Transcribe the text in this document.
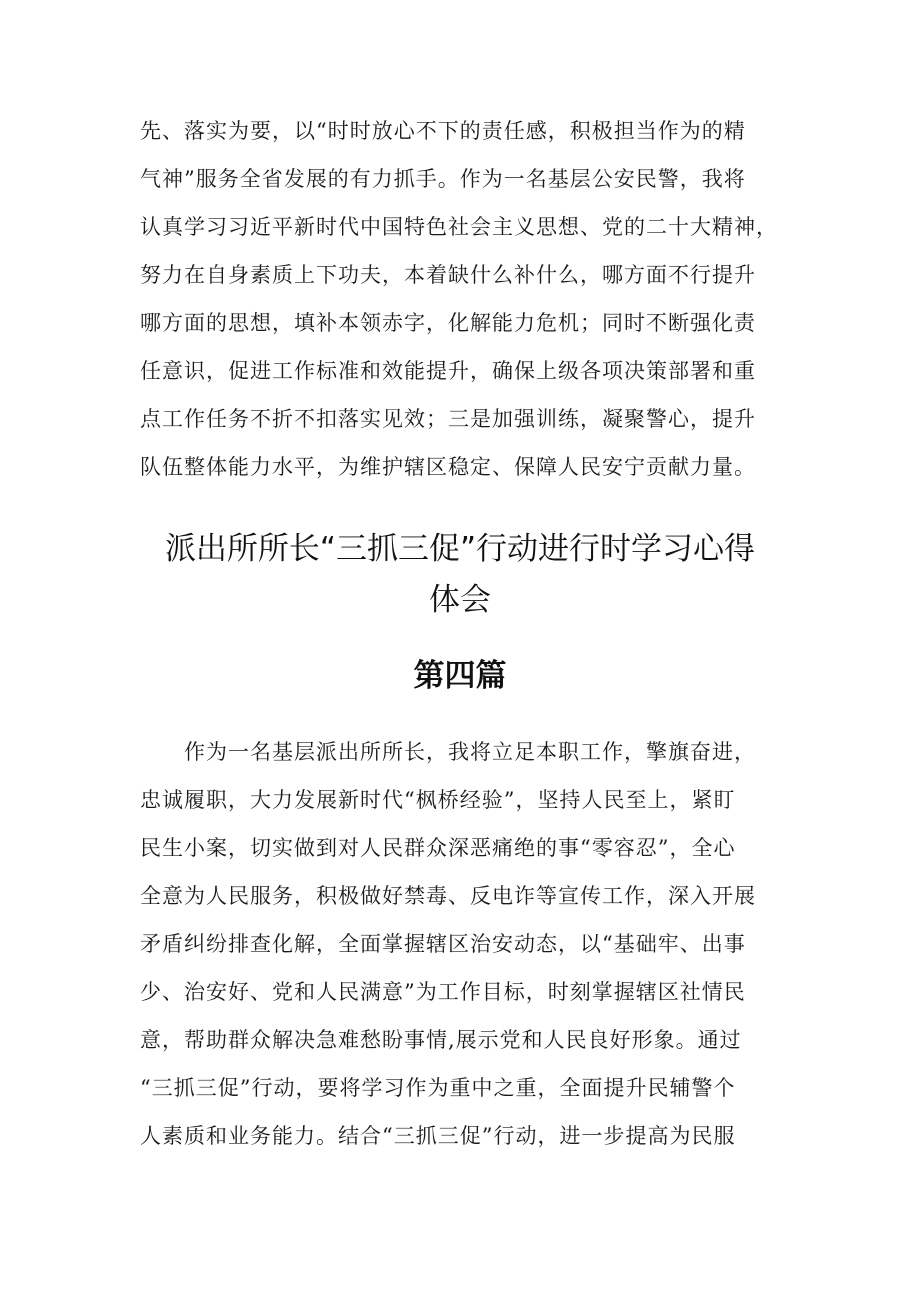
先、落实为要，以“时时放心不下的责任感，积极担当作为的精
气神”服务全省发展的有力抓手。作为一名基层公安民警，我将
认真学习习近平新时代中国特色社会主义思想、党的二十大精神，
努力在自身素质上下功夫，本着缺什么补什么，哪方面不行提升
哪方面的思想，填补本领赤字，化解能力危机；同时不断强化责
任意识，促进工作标准和效能提升，确保上级各项决策部署和重
点工作任务不折不扣落实见效；三是加强训练，凝聚警心，提升
队伍整体能力水平，为维护辖区稳定、保障人民安宁贡献力量。
派出所所长“三抓三促”行动进行时学习心得
体会
第四篇
　　作为一名基层派出所所长，我将立足本职工作，擎旗奋进，
忠诚履职，大力发展新时代“枫桥经验”，坚持人民至上，紧盯
民生小案，切实做到对人民群众深恶痛绝的事“零容忍”，全心
全意为人民服务，积极做好禁毒、反电诈等宣传工作，深入开展
矛盾纠纷排查化解，全面掌握辖区治安动态，以“基础牢、出事
少、治安好、党和人民满意”为工作目标，时刻掌握辖区社情民
意，帮助群众解决急难愁盼事情,展示党和人民良好形象。通过
“三抓三促”行动，要将学习作为重中之重，全面提升民辅警个
人素质和业务能力。结合“三抓三促”行动，进一步提高为民服
